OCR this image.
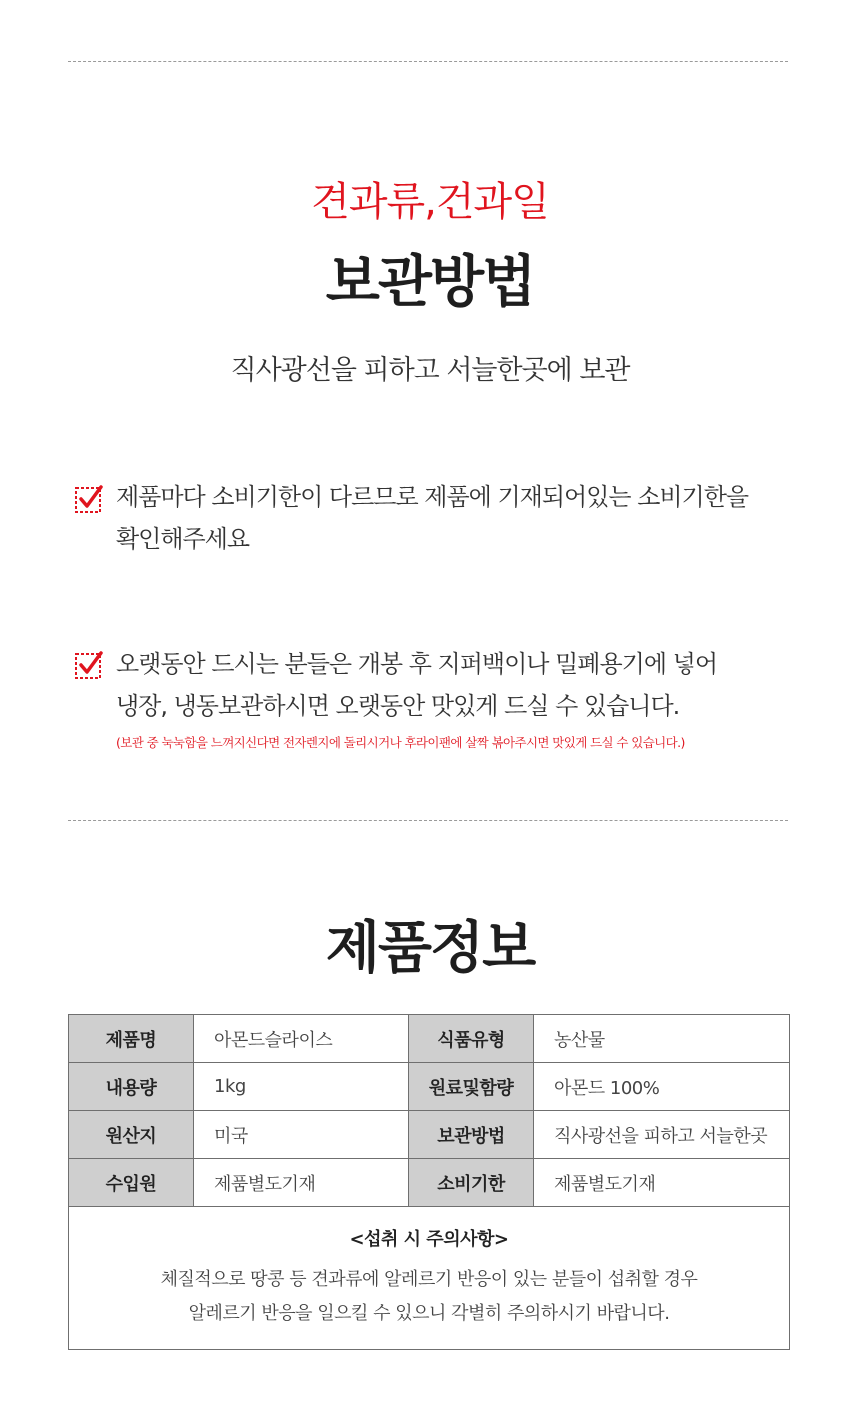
견과류,건과일
보관방법
직사광선을 피하고 서늘한곳에 보관
제품마다 소비기한이 다르므로 제품에 기재되어있는 소비기한을
확인해주세요
오랫동안 드시는 분들은 개봉 후 지퍼백이나 밀폐용기에 넣어
냉장, 냉동보관하시면 오랫동안 맛있게 드실 수 있습니다.
(보관 중 눅눅함을 느껴지신다면 전자렌지에 돌리시거나 후라이팬에 살짝 볶아주시면 맛있게 드실 수 있습니다.)
제품정보
제품명	아몬드슬라이스	식품유형	농산물
내용량	1kg	원료및함량	아몬드 100%
원산지	미국	보관방법	직사광선을 피하고 서늘한곳
수입원	제품별도기재	소비기한	제품별도기재

<섭취 시 주의사항>
체질적으로 땅콩 등 견과류에 알레르기 반응이 있는 분들이 섭취할 경우
알레르기 반응을 일으킬 수 있으니 각별히 주의하시기 바랍니다.			
